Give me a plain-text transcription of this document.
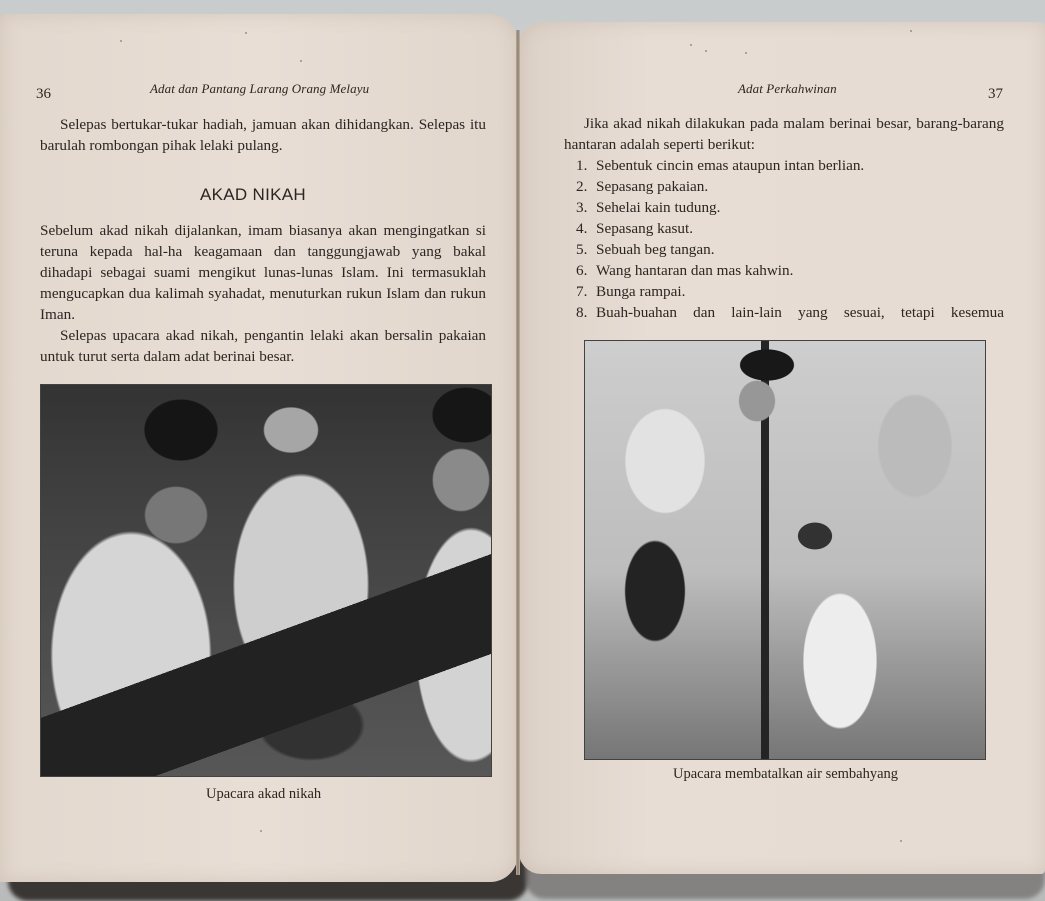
36	Adat dan Pantang Larang Orang Melayu

Selepas bertukar-tukar hadiah, jamuan akan dihidangkan. Selepas itu barulah rombongan pihak lelaki pulang.

AKAD NIKAH

Sebelum akad nikah dijalankan, imam biasanya akan mengingatkan si teruna kepada hal-ha keagamaan dan tanggungjawab yang bakal dihadapi sebagai suami mengikut lunas-lunas Islam. Ini termasuklah mengucapkan dua kalimah syahadat, menuturkan rukun Islam dan rukun Iman.

Selepas upacara akad nikah, pengantin lelaki akan bersalin pakaian untuk turut serta dalam adat berinai besar.

Upacara akad nikah
Adat Perkahwinan	37

Jika akad nikah dilakukan pada malam berinai besar, barang-barang hantaran adalah seperti berikut:

1. Sebentuk cincin emas ataupun intan berlian.
2. Sepasang pakaian.
3. Sehelai kain tudung.
4. Sepasang kasut.
5. Sebuah beg tangan.
6. Wang hantaran dan mas kahwin.
7. Bunga rampai.
8. Buah-buahan dan lain-lain yang sesuai, tetapi kesemua
Upacara membatalkan air sembahyang
